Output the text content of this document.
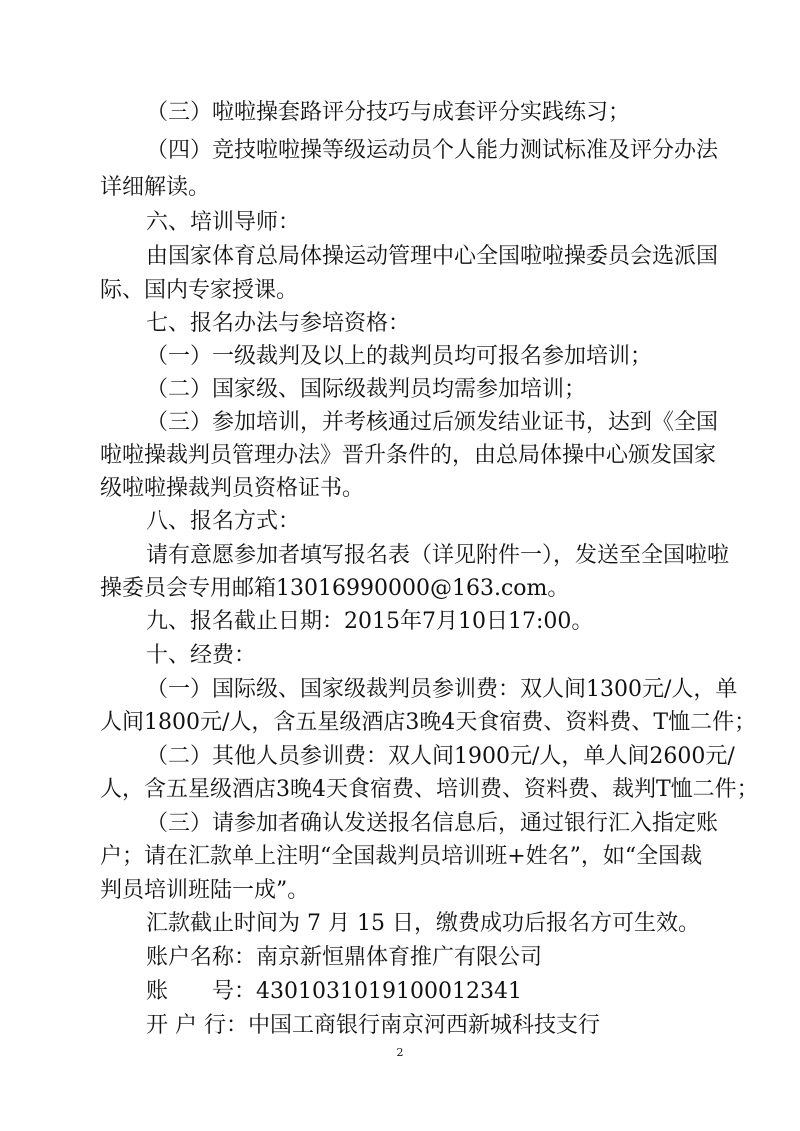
（三）啦啦操套路评分技巧与成套评分实践练习；
（四）竞技啦啦操等级运动员个人能力测试标准及评分办法
详细解读。
六、培训导师：
由国家体育总局体操运动管理中心全国啦啦操委员会选派国
际、国内专家授课。
七、报名办法与参培资格：
（一）一级裁判及以上的裁判员均可报名参加培训；
（二）国家级、国际级裁判员均需参加培训；
（三）参加培训，并考核通过后颁发结业证书，达到《全国
啦啦操裁判员管理办法》晋升条件的，由总局体操中心颁发国家
级啦啦操裁判员资格证书。
八、报名方式：
请有意愿参加者填写报名表（详见附件一），发送至全国啦啦
操委员会专用邮箱13016990000@163.com。
九、报名截止日期：2015年7月10日17:00。
十、经费：
（一）国际级、国家级裁判员参训费：双人间1300元/人，单
人间1800元/人，含五星级酒店3晚4天食宿费、资料费、T恤二件；
（二）其他人员参训费：双人间1900元/人，单人间2600元/
人，含五星级酒店3晚4天食宿费、培训费、资料费、裁判T恤二件；
（三）请参加者确认发送报名信息后，通过银行汇入指定账
户；请在汇款单上注明“全国裁判员培训班+姓名”，如“全国裁
判员培训班陆一成”。
汇款截止时间为 7 月 15 日，缴费成功后报名方可生效。
账户名称：南京新恒鼎体育推广有限公司
账　　号：4301031019100012341
开 户 行：中国工商银行南京河西新城科技支行
2
